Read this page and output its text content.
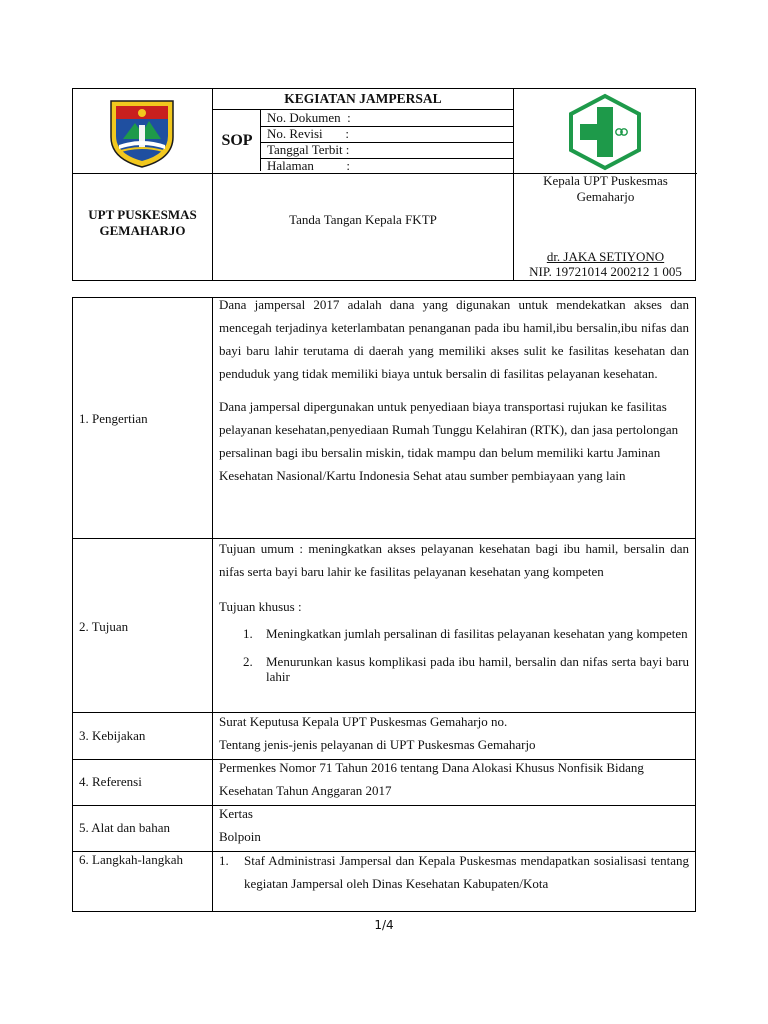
KEGIATAN JAMPERSAL
SOP
No. Dokumen  :
No. Revisi       :
Tanggal Terbit :
Halaman          :
UPT PUSKESMAS
GEMAHARJO
Tanda Tangan Kepala FKTP
Kepala UPT Puskesmas
Gemaharjo
dr. JAKA SETIYONO
NIP. 19721014 200212 1 005
1. Pengertian

Dana jampersal 2017 adalah dana yang digunakan untuk mendekatkan akses dan mencegah terjadinya keterlambatan penanganan pada ibu hamil,ibu bersalin,ibu nifas dan bayi baru lahir terutama di daerah yang memiliki akses sulit ke fasilitas kesehatan dan penduduk yang tidak memiliki biaya untuk bersalin di fasilitas pelayanan kesehatan.

Dana jampersal dipergunakan untuk penyediaan biaya transportasi rujukan ke fasilitas pelayanan kesehatan,penyediaan Rumah Tunggu Kelahiran (RTK), dan jasa pertolongan persalinan bagi ibu bersalin miskin, tidak mampu dan belum memiliki kartu Jaminan Kesehatan Nasional/Kartu Indonesia Sehat atau sumber pembiayaan yang lain

2. Tujuan

Tujuan umum : meningkatkan akses pelayanan kesehatan bagi ibu hamil, bersalin dan nifas serta bayi baru lahir ke fasilitas pelayanan kesehatan yang kompeten

Tujuan khusus :

1. Meningkatkan jumlah persalinan di fasilitas pelayanan kesehatan yang kompeten
2. Menurunkan kasus komplikasi pada ibu hamil, bersalin dan nifas serta bayi baru lahir
3. Kebijakan

Surat Keputusa Kepala UPT Puskesmas Gemaharjo no.

Tentang jenis-jenis pelayanan di UPT Puskesmas Gemaharjo

4. Referensi

Permenkes Nomor 71 Tahun 2016 tentang Dana Alokasi Khusus Nonfisik Bidang Kesehatan Tahun Anggaran 2017

5. Alat dan bahan

Kertas

Bolpoin

6. Langkah-langkah	1. Staf Administrasi Jampersal dan Kepala Puskesmas mendapatkan sosialisasi tentang kegiatan Jampersal oleh Dinas Kesehatan Kabupaten/Kota
1/4
